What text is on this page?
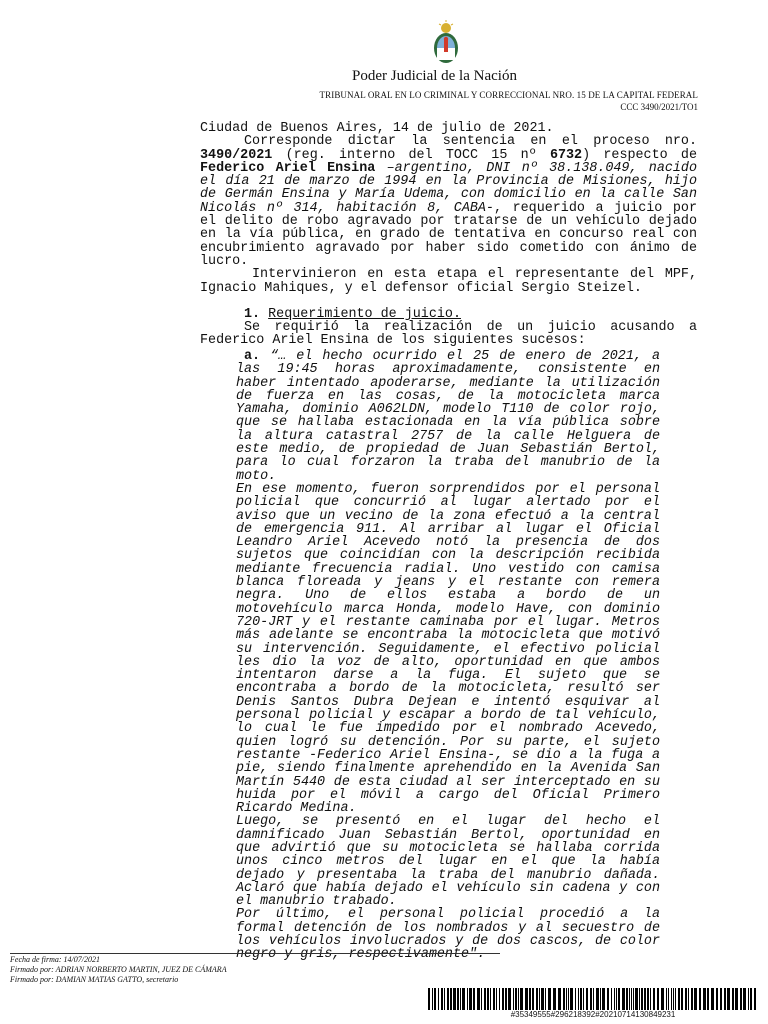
Poder Judicial de la Nación
TRIBUNAL ORAL EN LO CRIMINAL Y CORRECCIONAL NRO. 15 DE LA CAPITAL FEDERAL
CCC 3490/2021/TO1

Ciudad de Buenos Aires, 14 de julio de 2021.

Corresponde dictar la sentencia en el proceso nro. 3490/2021 (reg. interno del TOCC 15 nº 6732) respecto de Federico Ariel Ensina –argentino, DNI nº 38.138.049, nacido el día 21 de marzo de 1994 en la Provincia de Misiones, hijo de Germán Ensina y María Udema, con domicilio en la calle San Nicolás nº 314, habitación 8, CABA-, requerido a juicio por el delito de robo agravado por tratarse de un vehículo dejado en la vía pública, en grado de tentativa en concurso real con encubrimiento agravado por haber sido cometido con ánimo de lucro.

Intervinieron en esta etapa el representante del MPF, Ignacio Mahiques, y el defensor oficial Sergio Steizel.

1. Requerimiento de juicio.

Se requirió la realización de un juicio acusando a Federico Ariel Ensina de los siguientes sucesos:

a. “… el hecho ocurrido el 25 de enero de 2021, a las 19:45 horas aproximadamente, consistente en haber intentado apoderarse, mediante la utilización de fuerza en las cosas, de la motocicleta marca Yamaha, dominio A062LDN, modelo T110 de color rojo, que se hallaba estacionada en la vía pública sobre la altura catastral 2757 de la calle Helguera de este medio, de propiedad de Juan Sebastián Bertol, para lo cual forzaron la traba del manubrio de la moto.

En ese momento, fueron sorprendidos por el personal policial que concurrió al lugar alertado por el aviso que un vecino de la zona efectuó a la central de emergencia 911. Al arribar al lugar el Oficial Leandro Ariel Acevedo notó la presencia de dos sujetos que coincidían con la descripción recibida mediante frecuencia radial. Uno vestido con camisa blanca floreada y jeans y el restante con remera negra. Uno de ellos estaba a bordo de un motovehículo marca Honda, modelo Have, con dominio 720-JRT y el restante caminaba por el lugar. Metros más adelante se encontraba la motocicleta que motivó su intervención. Seguidamente, el efectivo policial les dio la voz de alto, oportunidad en que ambos intentaron darse a la fuga. El sujeto que se encontraba a bordo de la motocicleta, resultó ser Denis Santos Dubra Dejean e intentó esquivar al personal policial y escapar a bordo de tal vehículo, lo cual le fue impedido por el nombrado Acevedo, quien logró su detención. Por su parte, el sujeto restante -Federico Ariel Ensina-, se dio a la fuga a pie, siendo finalmente aprehendido en la Avenida San Martín 5440 de esta ciudad al ser interceptado en su huida por el móvil a cargo del Oficial Primero Ricardo Medina.

Luego, se presentó en el lugar del hecho el damnificado Juan Sebastián Bertol, oportunidad en que advirtió que su motocicleta se hallaba corrida unos cinco metros del lugar en el que la había dejado y presentaba la traba del manubrio dañada. Aclaró que había dejado el vehículo sin cadena y con el manubrio trabado.

Por último, el personal policial procedió a la formal detención de los nombrados y al secuestro de los vehículos involucrados y de dos cascos, de color negro y gris, respectivamente".

Fecha de firma: 14/07/2021
Firmado por: ADRIAN NORBERTO MARTIN, JUEZ DE CÁMARA
Firmado por: DAMIAN MATIAS GATTO, secretario
#35349555#296218392#20210714130849231
